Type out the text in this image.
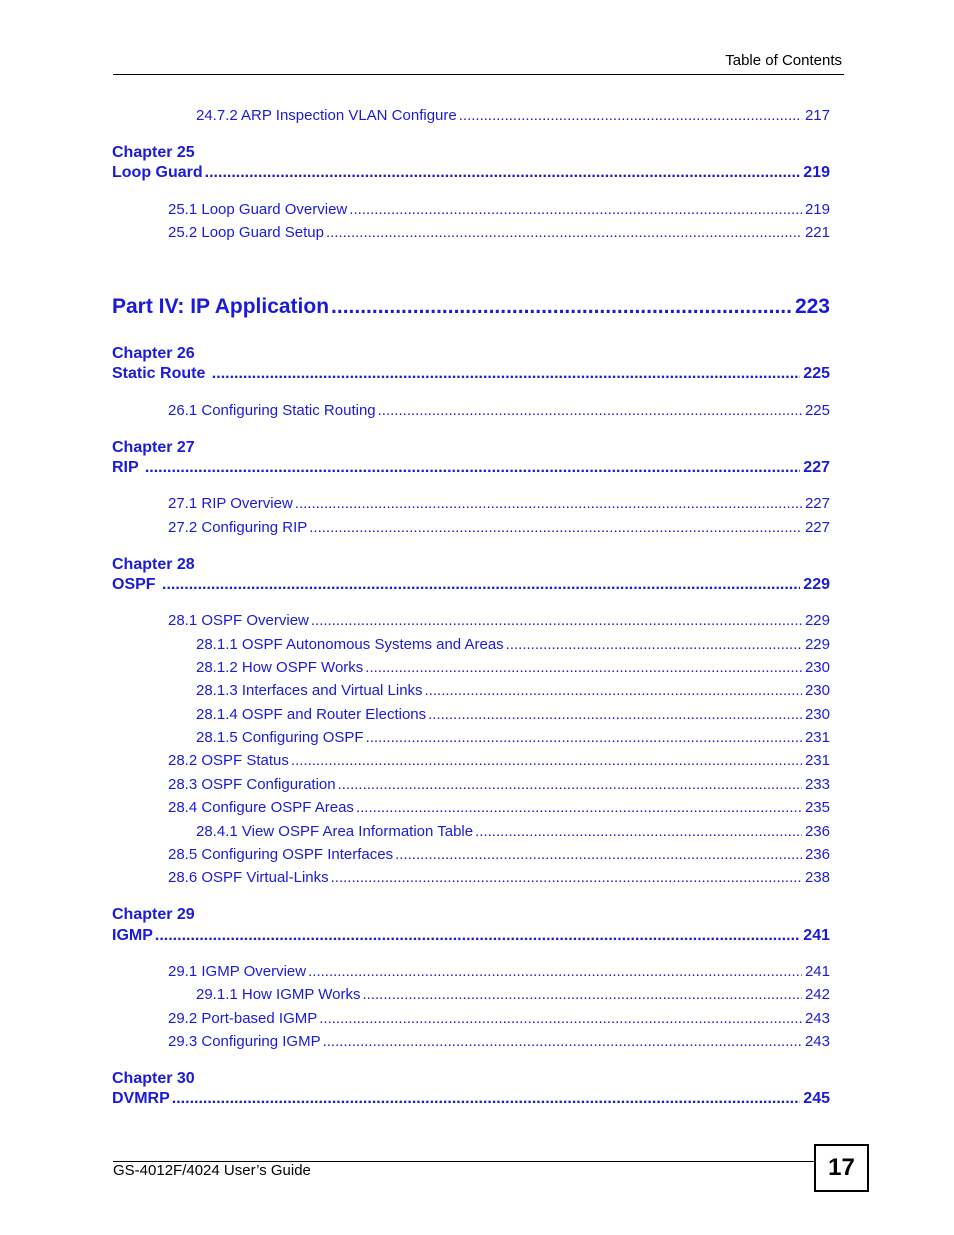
Table of Contents
24.7.2 ARP Inspection VLAN Configure .....	217
Chapter 25
Loop Guard .....	219
25.1 Loop Guard Overview .....	219
25.2 Loop Guard Setup .....	221
Part IV: IP Application .....	223
Chapter 26
Static Route .....	225
26.1 Configuring Static Routing .....	225
Chapter 27
RIP .....	227
27.1 RIP Overview .....	227
27.2 Configuring RIP .....	227
Chapter 28
OSPF .....	229
28.1 OSPF Overview .....	229
28.1.1 OSPF Autonomous Systems and Areas .....	229
28.1.2 How OSPF Works .....	230
28.1.3 Interfaces and Virtual Links .....	230
28.1.4 OSPF and Router Elections .....	230
28.1.5 Configuring OSPF .....	231
28.2 OSPF Status .....	231
28.3 OSPF Configuration .....	233
28.4 Configure OSPF Areas .....	235
28.4.1 View OSPF Area Information Table .....	236
28.5 Configuring OSPF Interfaces .....	236
28.6 OSPF Virtual-Links .....	238
Chapter 29
IGMP .....	241
29.1 IGMP Overview .....	241
29.1.1 How IGMP Works .....	242
29.2 Port-based IGMP .....	243
29.3 Configuring IGMP .....	243
Chapter 30
DVMRP .....	245
GS-4012F/4024 User’s Guide	17
